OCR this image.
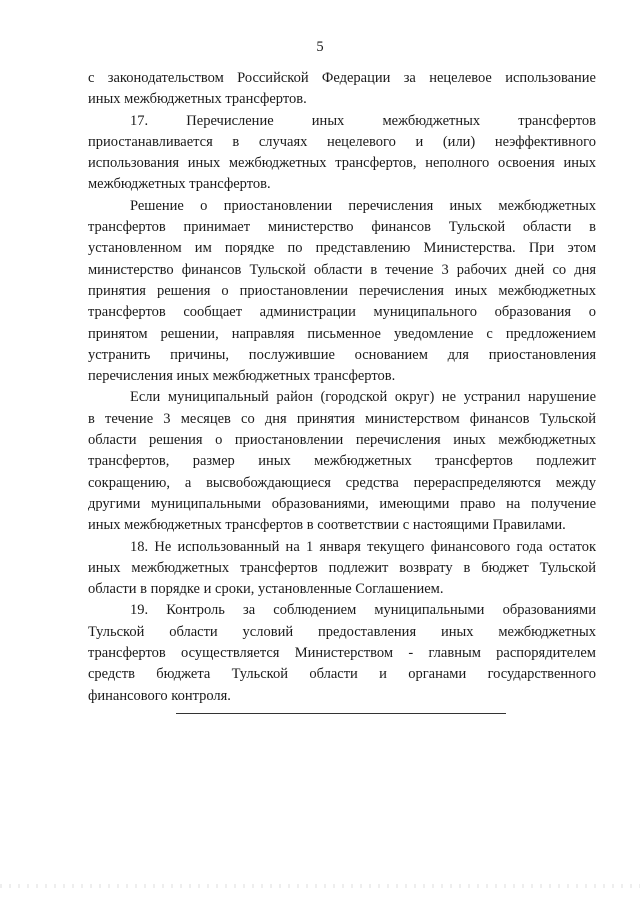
5
с законодательством Российской Федерации за нецелевое использование
иных межбюджетных трансфертов.
17. Перечисление иных межбюджетных трансфертов
приостанавливается в случаях нецелевого и (или) неэффективного
использования иных межбюджетных трансфертов, неполного освоения иных
межбюджетных трансфертов.
Решение о приостановлении перечисления иных межбюджетных
трансфертов принимает министерство финансов Тульской области в
установленном им порядке по представлению Министерства. При этом
министерство финансов Тульской области в течение 3 рабочих дней со дня
принятия решения о приостановлении перечисления иных межбюджетных
трансфертов сообщает администрации муниципального образования о
принятом решении, направляя письменное уведомление с предложением
устранить причины, послужившие основанием для приостановления
перечисления иных межбюджетных трансфертов.
Если муниципальный район (городской округ) не устранил нарушение
в течение 3 месяцев со дня принятия министерством финансов Тульской
области решения о приостановлении перечисления иных межбюджетных
трансфертов, размер иных межбюджетных трансфертов подлежит
сокращению, а высвобождающиеся средства перераспределяются между
другими муниципальными образованиями, имеющими право на получение
иных межбюджетных трансфертов в соответствии с настоящими Правилами.
18. Не использованный на 1 января текущего финансового года остаток
иных межбюджетных трансфертов подлежит возврату в бюджет Тульской
области в порядке и сроки, установленные Соглашением.
19. Контроль за соблюдением муниципальными образованиями
Тульской области условий предоставления иных межбюджетных
трансфертов осуществляется Министерством - главным распорядителем
средств бюджета Тульской области и органами государственного
финансового контроля.
